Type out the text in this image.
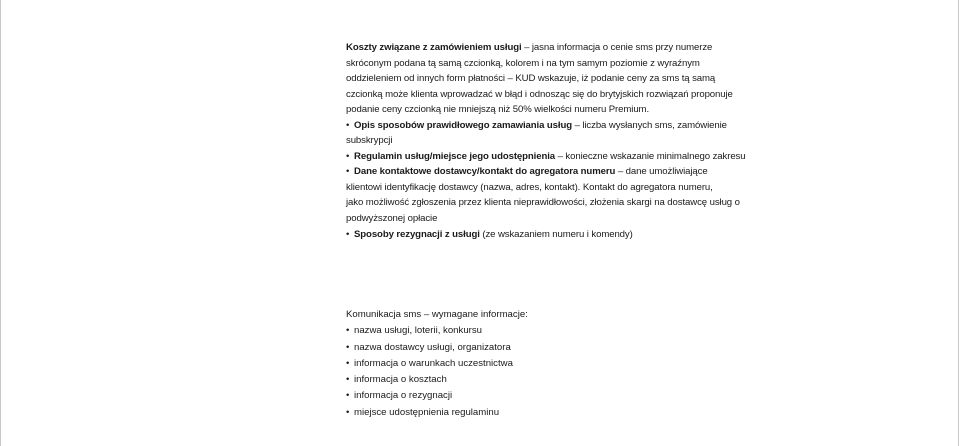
Koszty związane z zamówieniem usługi – jasna informacja o cenie sms przy numerze
skróconym podana tą samą czcionką, kolorem i na tym samym poziomie z wyraźnym
oddzieleniem od innych form płatności – KUD wskazuje, iż podanie ceny za sms tą samą
czcionką może klienta wprowadzać w błąd i odnosząc się do brytyjskich rozwiązań proponuje
podanie ceny czcionką nie mniejszą niż 50% wielkości numeru Premium.
• Opis sposobów prawidłowego zamawiania usług – liczba wysłanych sms, zamówienie
subskrypcji
• Regulamin usług/miejsce jego udostępnienia – konieczne wskazanie minimalnego zakresu
• Dane kontaktowe dostawcy/kontakt do agregatora numeru – dane umożliwiające
klientowi identyfikację dostawcy (nazwa, adres, kontakt). Kontakt do agregatora numeru,
jako możliwość zgłoszenia przez klienta nieprawidłowości, złożenia skargi na dostawcę usług o
podwyższonej opłacie
• Sposoby rezygnacji z usługi (ze wskazaniem numeru i komendy)
Komunikacja sms – wymagane informacje:
• nazwa usługi, loterii, konkursu
• nazwa dostawcy usługi, organizatora
• informacja o warunkach uczestnictwa
• informacja o kosztach
• informacja o rezygnacji
• miejsce udostępnienia regulaminu
